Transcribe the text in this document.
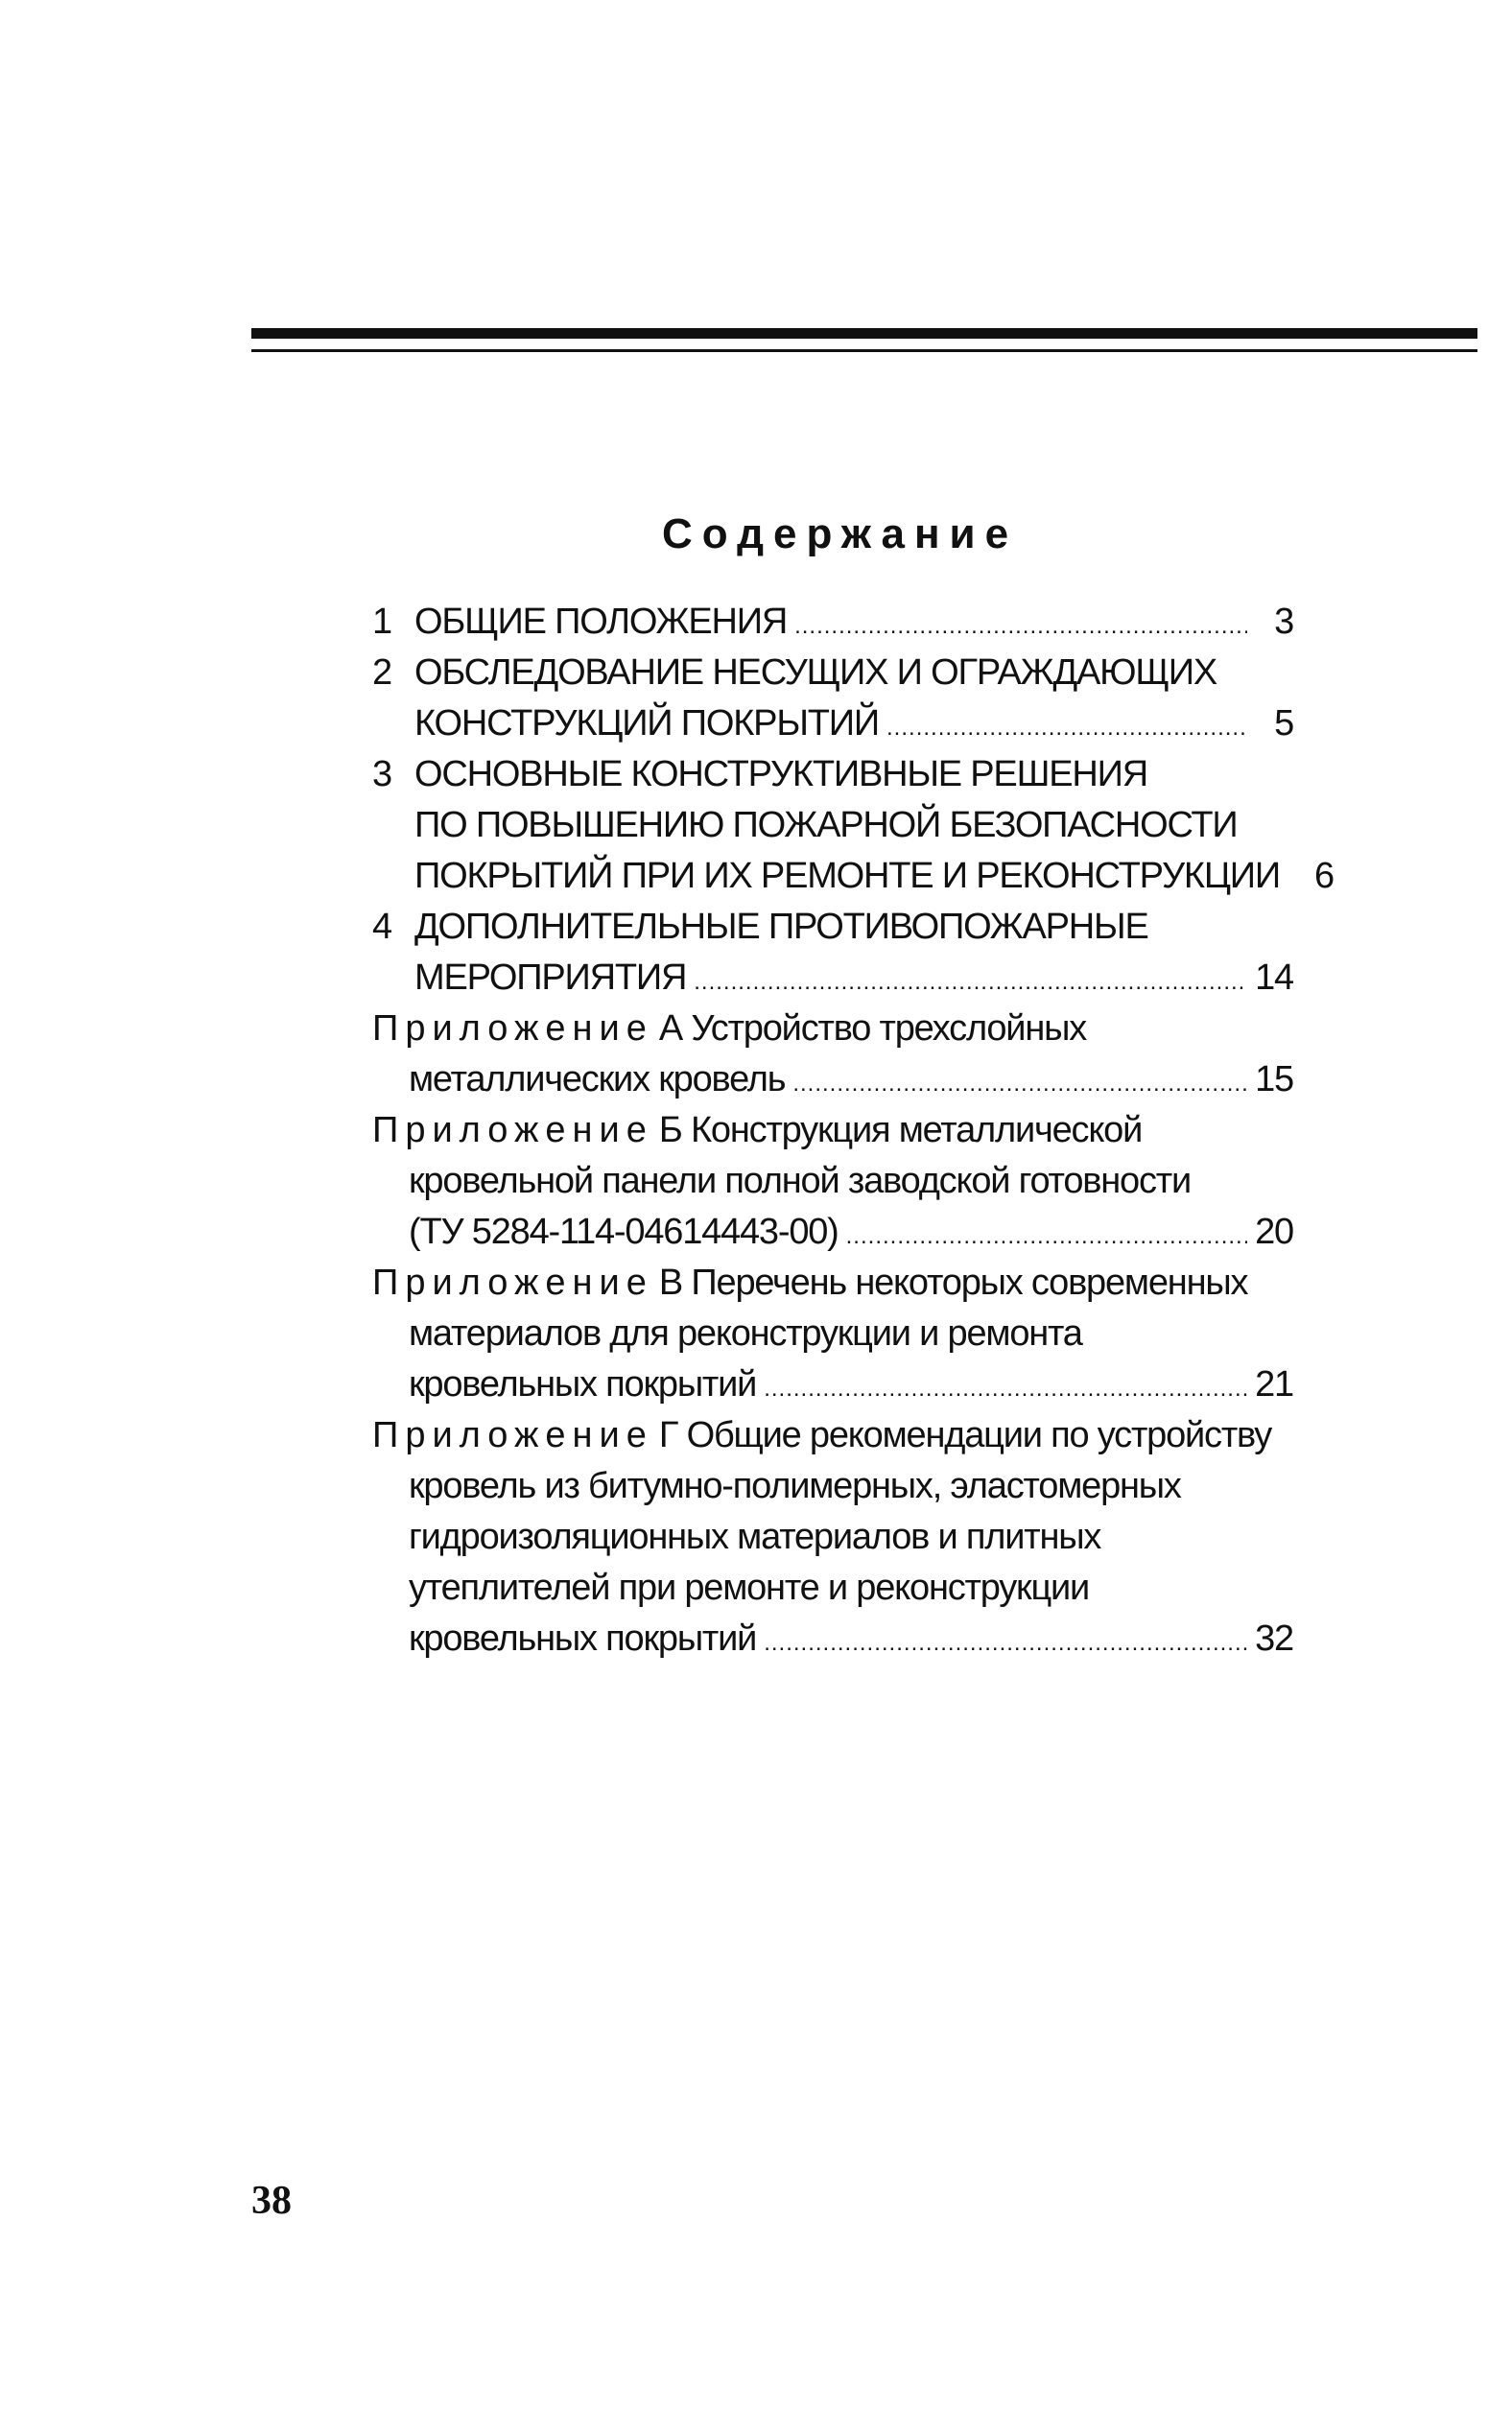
Содержание
1 ОБЩИЕ ПОЛОЖЕНИЯ .....	3
2 ОБСЛЕДОВАНИЕ НЕСУЩИХ И ОГРАЖДАЮЩИХ
КОНСТРУКЦИЙ ПОКРЫТИЙ .....	5
3 ОСНОВНЫЕ КОНСТРУКТИВНЫЕ РЕШЕНИЯ
ПО ПОВЫШЕНИЮ ПОЖАРНОЙ БЕЗОПАСНОСТИ
ПОКРЫТИЙ ПРИ ИХ РЕМОНТЕ И РЕКОНСТРУКЦИИ 6
4 ДОПОЛНИТЕЛЬНЫЕ ПРОТИВОПОЖАРНЫЕ
МЕРОПРИЯТИЯ .....	14
Приложение А Устройство трехслойных
металлических кровель .....	15
Приложение Б Конструкция металлической
кровельной панели полной заводской готовности
(ТУ 5284-114-04614443-00) .....	20
Приложение В Перечень некоторых современных
материалов для реконструкции и ремонта
кровельных покрытий .....	21
Приложение Г Общие рекомендации по устройству
кровель из битумно-полимерных, эластомерных
гидроизоляционных материалов и плитных
утеплителей при ремонте и реконструкции
кровельных покрытий .....	32
38
